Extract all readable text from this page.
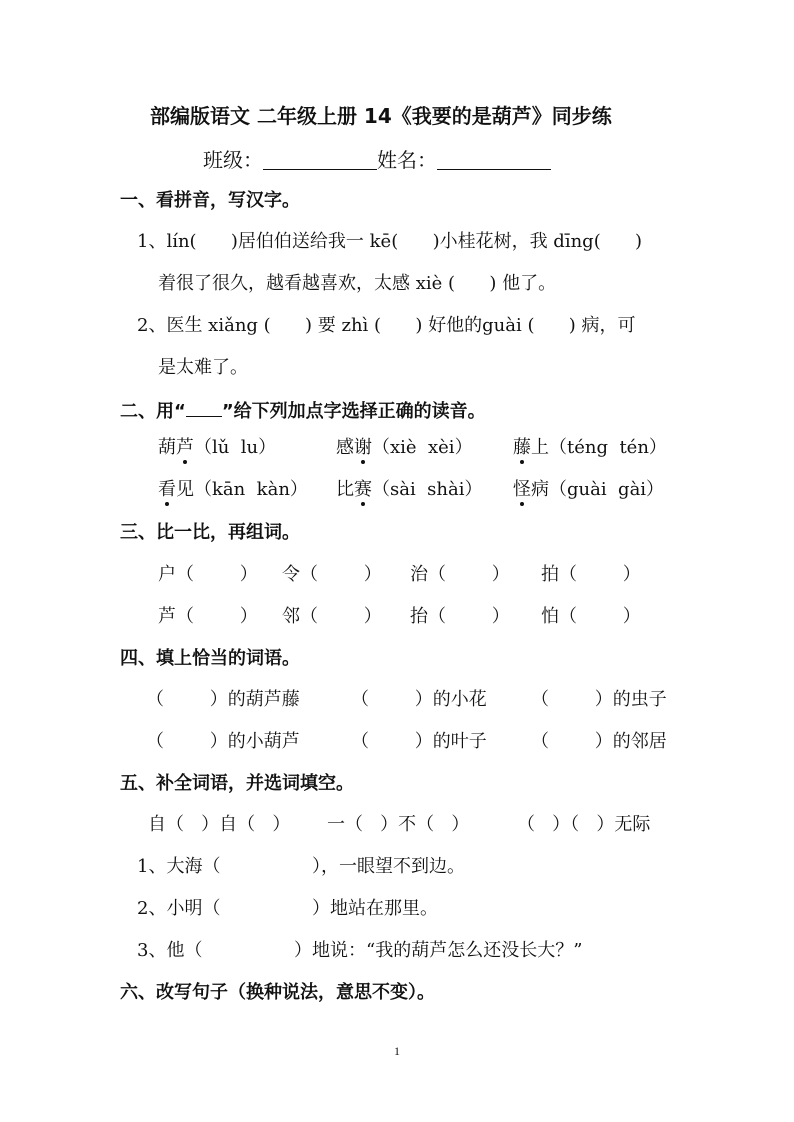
部编版语文 二年级上册 14《我要的是葫芦》同步练
班级：	姓名：
一、看拼音，写汉字。
1、lín(      )居伯伯送给我一 kē(      )小桂花树，我 dīng(      )
着很了很久，越看越喜欢，太感 xiè (      ) 他了。
2、医生 xiǎng (      ) 要 zhì (      ) 好他的guài (      ) 病，可
是太难了。
二、用“ ”给下列加点字选择正确的读音。
葫芦（lǔ  lu）	感谢（xiè  xèi） 藤上（téng  tén）
看见（kān  kàn） 比赛（sài  shài） 怪病（guài  gài）
三、比一比，再组词。
户（        ） 令（        ） 治（        ） 拍（        ）
芦（        ） 邻（        ） 抬（        ） 怕（        ）
四、填上恰当的词语。
（        ）的葫芦藤	（        ）的小花 （        ）的虫子
（        ）的小葫芦	（        ）的叶子 （        ）的邻居
五、补全词语，并选词填空。
自（   ）自（   ） 一（   ）不（   ）	（   ）（   ）无际
1、大海（                ），一眼望不到边。
2、小明（                ）地站在那里。
3、他（                ）地说：“我的葫芦怎么还没长大？”
六、改写句子（换种说法，意思不变）。
1
